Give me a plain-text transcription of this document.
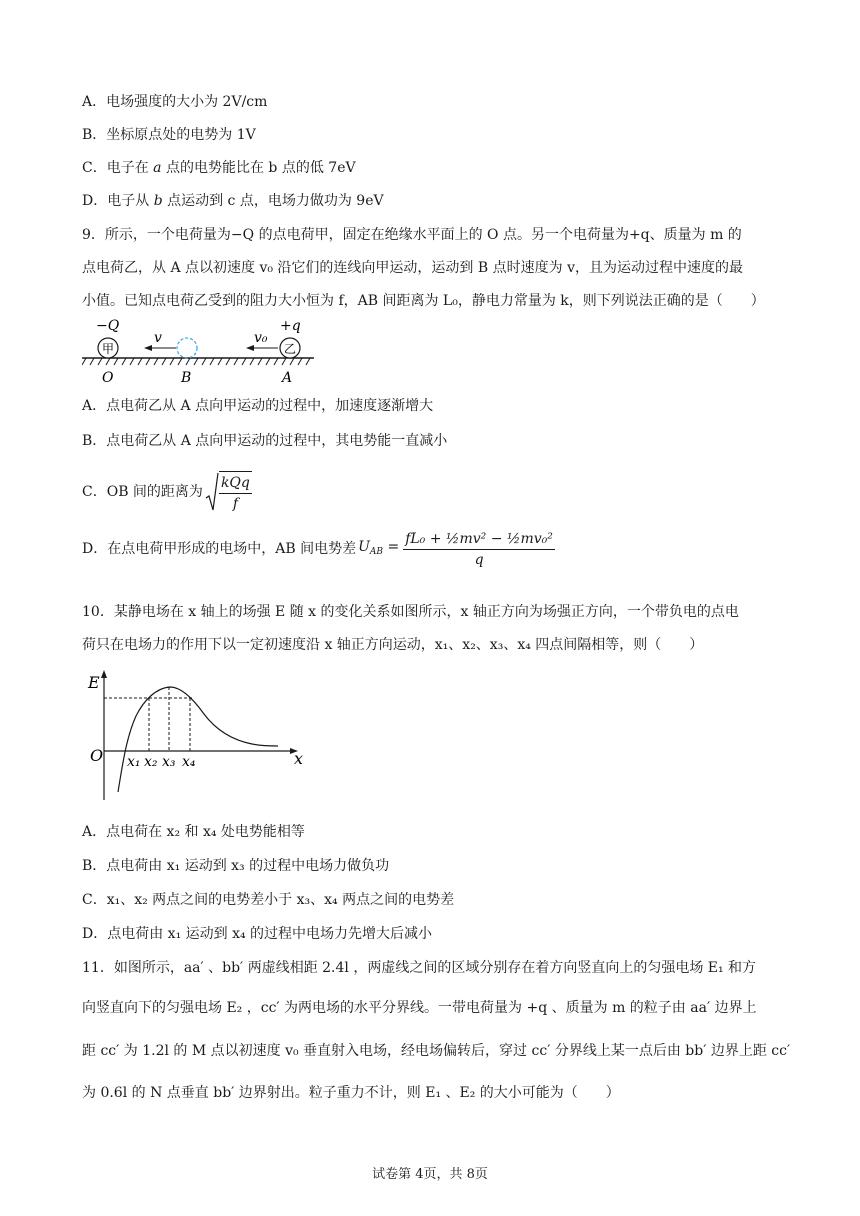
A．电场强度的大小为 2V/cm
B．坐标原点处的电势为 1V
C．电子在 a 点的电势能比在 b 点的低 7eV
D．电子从 b 点运动到 c 点，电场力做功为 9eV
9．所示，一个电荷量为−Q 的点电荷甲，固定在绝缘水平面上的 O 点。另一个电荷量为+q、质量为 m 的
点电荷乙，从 A 点以初速度 v₀ 沿它们的连线向甲运动，运动到 B 点时速度为 v，且为运动过程中速度的最
小值。已知点电荷乙受到的阻力大小恒为 f，AB 间距离为 L₀，静电力常量为 k，则下列说法正确的是（　　）
甲
−Q
v	v₀
乙
+q
O	B	A
A．点电荷乙从 A 点向甲运动的过程中，加速度逐渐增大
B．点电荷乙从 A 点向甲运动的过程中，其电势能一直减小
C．OB 间的距离为 $\frac{\text{kQq}}{f}$
D．在点电荷甲形成的电场中，AB 间电势差 $U_{AB} = \frac{\text{fL₀ + ½mv² − ½mv₀²}}{q}$
10．某静电场在 x 轴上的场强 E 随 x 的变化关系如图所示，x 轴正方向为场强正方向，一个带负电的点电
荷只在电场力的作用下以一定初速度沿 x 轴正方向运动，x₁、x₂、x₃、x₄ 四点间隔相等，则（　　）
E
O	x
x₁ x₂ x₃ x₄
A．点电荷在 x₂ 和 x₄ 处电势能相等
B．点电荷由 x₁ 运动到 x₃ 的过程中电场力做负功
C．x₁、x₂ 两点之间的电势差小于 x₃、x₄ 两点之间的电势差
D．点电荷由 x₁ 运动到 x₄ 的过程中电场力先增大后减小
11．如图所示，aa′ 、bb′ 两虚线相距 2.4l ，两虚线之间的区域分别存在着方向竖直向上的匀强电场 E₁ 和方
向竖直向下的匀强电场 E₂ ，cc′ 为两电场的水平分界线。一带电荷量为 +q 、质量为 m 的粒子由 aa′ 边界上
距 cc′ 为 1.2l 的 M 点以初速度 v₀ 垂直射入电场，经电场偏转后，穿过 cc′ 分界线上某一点后由 bb′ 边界上距 cc′
为 0.6l 的 N 点垂直 bb′ 边界射出。粒子重力不计，则 E₁ 、E₂ 的大小可能为（　　）
试卷第 4页，共 8页
